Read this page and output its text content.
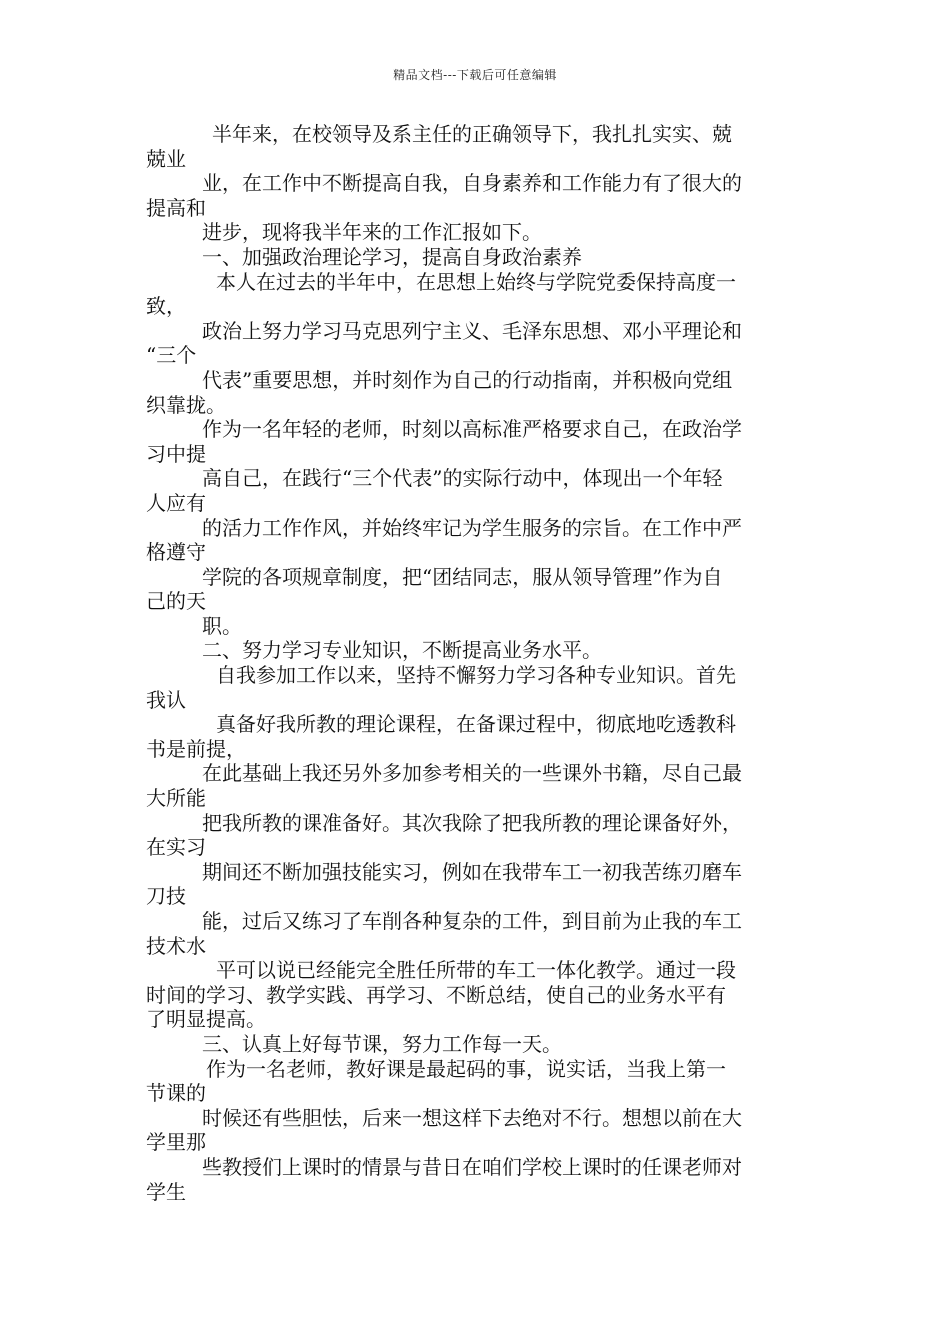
精品文档---下载后可任意编辑
半年来，在校领导及系主任的正确领导下，我扎扎实实、兢
兢业
业，在工作中不断提高自我，自身素养和工作能力有了很大的
提高和
进步，现将我半年来的工作汇报如下。
一、加强政治理论学习，提高自身政治素养
本人在过去的半年中，在思想上始终与学院党委保持高度一
致，
政治上努力学习马克思列宁主义、毛泽东思想、邓小平理论和
“三个
代表”重要思想，并时刻作为自己的行动指南，并积极向党组
织靠拢。
作为一名年轻的老师，时刻以高标准严格要求自己，在政治学
习中提
高自己，在践行“三个代表”的实际行动中，体现出一个年轻
人应有
的活力工作作风，并始终牢记为学生服务的宗旨。在工作中严
格遵守
学院的各项规章制度，把“团结同志，服从领导管理”作为自
己的天
职。
二、努力学习专业知识，不断提高业务水平。
自我参加工作以来，坚持不懈努力学习各种专业知识。首先
我认
真备好我所教的理论课程，在备课过程中，彻底地吃透教科
书是前提，
在此基础上我还另外多加参考相关的一些课外书籍，尽自己最
大所能
把我所教的课准备好。其次我除了把我所教的理论课备好外，
在实习
期间还不断加强技能实习，例如在我带车工一初我苦练刃磨车
刀技
能，过后又练习了车削各种复杂的工件，到目前为止我的车工
技术水
平可以说已经能完全胜任所带的车工一体化教学。通过一段
时间的学习、教学实践、再学习、不断总结，使自己的业务水平有
了明显提高。
三、认真上好每节课，努力工作每一天。
作为一名老师，教好课是最起码的事，说实话，当我上第一
节课的
时候还有些胆怯，后来一想这样下去绝对不行。想想以前在大
学里那
些教授们上课时的情景与昔日在咱们学校上课时的任课老师对
学生
